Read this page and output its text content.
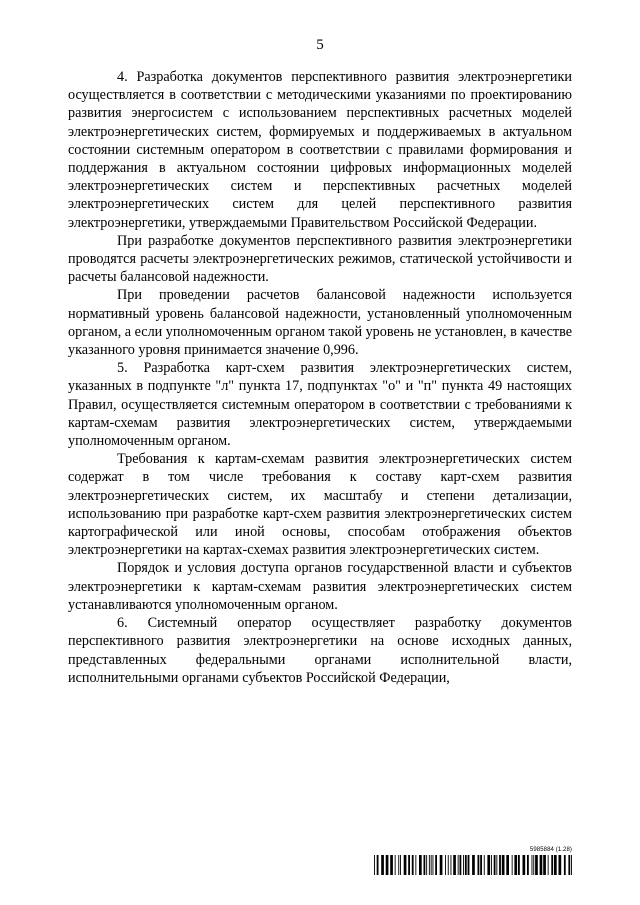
5

4. Разработка документов перспективного развития электроэнергетики осуществляется в соответствии с методическими указаниями по проектированию развития энергосистем с использованием перспективных расчетных моделей электроэнергетических систем, формируемых и поддерживаемых в актуальном состоянии системным оператором в соответствии с правилами формирования и поддержания в актуальном состоянии цифровых информационных моделей электроэнергетических систем и перспективных расчетных моделей электроэнергетических систем для целей перспективного развития электроэнергетики, утверждаемыми Правительством Российской Федерации.

При разработке документов перспективного развития электроэнергетики проводятся расчеты электроэнергетических режимов, статической устойчивости и расчеты балансовой надежности.

При проведении расчетов балансовой надежности используется нормативный уровень балансовой надежности, установленный уполномоченным органом, а если уполномоченным органом такой уровень не установлен, в качестве указанного уровня принимается значение 0,996.

5. Разработка карт-схем развития электроэнергетических систем, указанных в подпункте "л" пункта 17, подпунктах "о" и "п" пункта 49 настоящих Правил, осуществляется системным оператором в соответствии с требованиями к картам-схемам развития электроэнергетических систем, утверждаемыми уполномоченным органом.

Требования к картам-схемам развития электроэнергетических систем содержат в том числе требования к составу карт-схем развития электроэнергетических систем, их масштабу и степени детализации, использованию при разработке карт-схем развития электроэнергетических систем картографической или иной основы, способам отображения объектов электроэнергетики на картах-схемах развития электроэнергетических систем.

Порядок и условия доступа органов государственной власти и субъектов электроэнергетики к картам-схемам развития электроэнергетических систем устанавливаются уполномоченным органом.

6. Системный оператор осуществляет разработку документов перспективного развития электроэнергетики на основе исходных данных, представленных федеральными органами исполнительной власти, исполнительными органами субъектов Российской Федерации,

5985884 (1.28)
